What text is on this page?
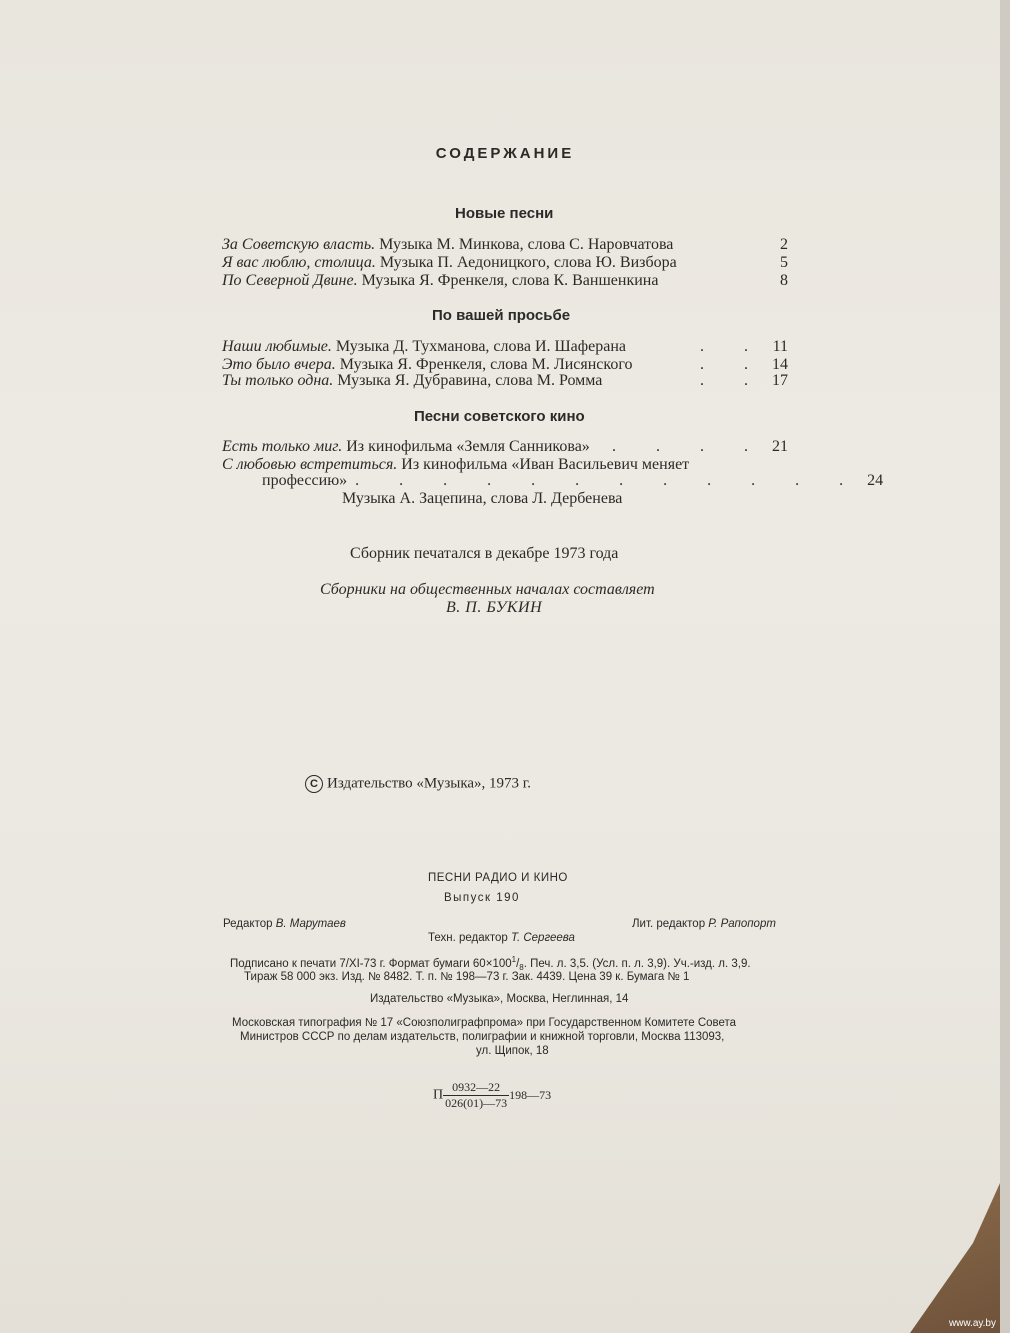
СОДЕРЖАНИЕ
Новые песни
За Советскую власть. Музыка М. Минкова, слова С. Наровчатова	2
Я вас люблю, столица. Музыка П. Аедоницкого, слова Ю. Визбора	5
По Северной Двине. Музыка Я. Френкеля, слова К. Ваншенкина	8
По вашей просьбе
Наши любимые. Музыка Д. Тухманова, слова И. Шаферана	. . 11
Это было вчера. Музыка Я. Френкеля, слова М. Лисянского	. . 14
Ты только одна. Музыка Я. Дубравина, слова М. Ромма	. . 17
Песни советского кино
Есть только миг. Из кинофильма «Земля Санникова»	. . . . 21
С любовью встретиться. Из кинофильма «Иван Васильевич меняет
профессию» . . . . . . . . . . . . 24
Музыка А. Зацепина, слова Л. Дербенева
Сборник печатался в декабре 1973 года
Сборники на общественных началах составляет
В. П. БУКИН
C Издательство «Музыка», 1973 г.
ПЕСНИ РАДИО И КИНО
Выпуск 190
Редактор В. Марутаев	Лит. редактор Р. Рапопорт
Техн. редактор Т. Сергеева
Подписано к печати 7/XI-73 г. Формат бумаги $60\times 100^1/_8$. Печ. л. 3,5. (Усл. п. л. 3,9). Уч.-изд. л. 3,9.
Тираж 58 000 экз. Изд. № 8482. Т. п. № 198—73 г. Зак. 4439. Цена 39 к. Бумага № 1
Издательство «Музыка», Москва, Неглинная, 14
Московская типография № 17 «Союзполиграфпрома» при Государственном Комитете Совета
Министров СССР по делам издательств, полиграфии и книжной торговли, Москва 113093,
ул. Щипок, 18
П $\frac{0932—22}{026(01)—73}$ 198—73
www.ay.by
